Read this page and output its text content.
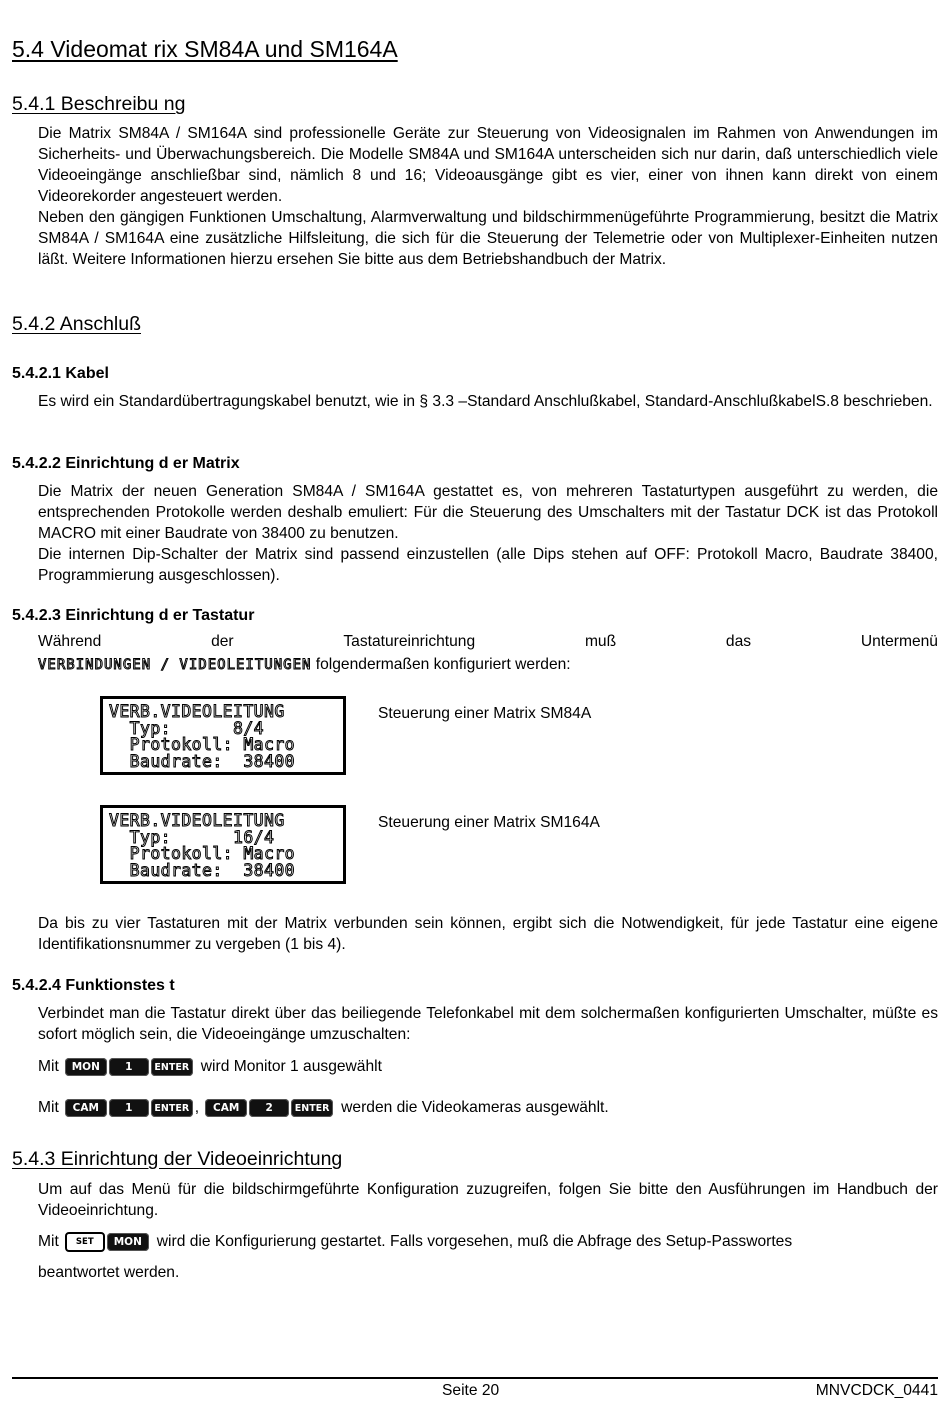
5.4 Videomat rix SM84A und SM164A
5.4.1 Beschreibu ng
Die Matrix SM84A / SM164A sind professionelle Geräte zur Steuerung von Videosignalen im Rahmen von Anwendungen im Sicherheits- und Überwachungsbereich. Die Modelle SM84A und SM164A unterscheiden sich nur darin, daß unterschiedlich viele Videoeingänge anschließbar sind, nämlich 8 und 16; Videoausgänge gibt es vier, einer von ihnen kann direkt von einem Videorekorder angesteuert werden.
Neben den gängigen Funktionen Umschaltung, Alarmverwaltung und bildschirmmenügeführte Programmierung, besitzt die Matrix SM84A / SM164A eine zusätzliche Hilfsleitung, die sich für die Steuerung der Telemetrie oder von Multiplexer-Einheiten nutzen läßt. Weitere Informationen hierzu ersehen Sie bitte aus dem Betriebshandbuch der Matrix.
5.4.2 Anschluß
5.4.2.1 Kabel
Es wird ein Standardübertragungskabel benutzt, wie in § 3.3 –Standard Anschlußkabel, Standard-AnschlußkabelS.8 beschrieben.
5.4.2.2 Einrichtung d er Matrix
Die Matrix der neuen Generation SM84A / SM164A gestattet es, von mehreren Tastaturtypen ausgeführt zu werden, die entsprechenden Protokolle werden deshalb emuliert: Für die Steuerung des Umschalters mit der Tastatur DCK ist das Protokoll MACRO mit einer Baudrate von 38400 zu benutzen.
Die internen Dip-Schalter der Matrix sind passend einzustellen (alle Dips stehen auf OFF: Protokoll Macro, Baudrate 38400, Programmierung ausgeschlossen).
5.4.2.3 Einrichtung d er Tastatur
Während	der	Tastatureinrichtung	muß	das	Untermenü
VERBINDUNGEN / VIDEOLEITUNGEN folgendermaßen konfiguriert werden:
VERB.VIDEOLEITUNG
Typ:      8/4
Protokoll: Macro
Baudrate:  38400
Steuerung einer Matrix SM84A
VERB.VIDEOLEITUNG
Typ:      16/4
Protokoll: Macro
Baudrate:  38400
Steuerung einer Matrix SM164A
Da bis zu vier Tastaturen mit der Matrix verbunden sein können, ergibt sich die Notwendigkeit, für jede Tastatur eine eigene Identifikationsnummer zu vergeben (1 bis 4).
5.4.2.4 Funktionstes t
Verbindet man die Tastatur direkt über das beiliegende Telefonkabel mit dem solchermaßen konfigurierten Umschalter, müßte es sofort möglich sein, die Videoeingänge umzuschalten:
Mit	MON	1	ENTER wird Monitor 1 ausgewählt
Mit	CAM	1	ENTER ,	CAM	2	ENTER werden die Videokameras ausgewählt.
5.4.3 Einrichtung der Videoeinrichtung
Um auf das Menü für die bildschirmgeführte Konfiguration zuzugreifen, folgen Sie bitte den Ausführungen im Handbuch der Videoeinrichtung.
Mit	SET	MON wird die Konfigurierung gestartet. Falls vorgesehen, muß die Abfrage des Setup-Passwortes
beantwortet werden.
Seite 20	MNVCDCK_0441
